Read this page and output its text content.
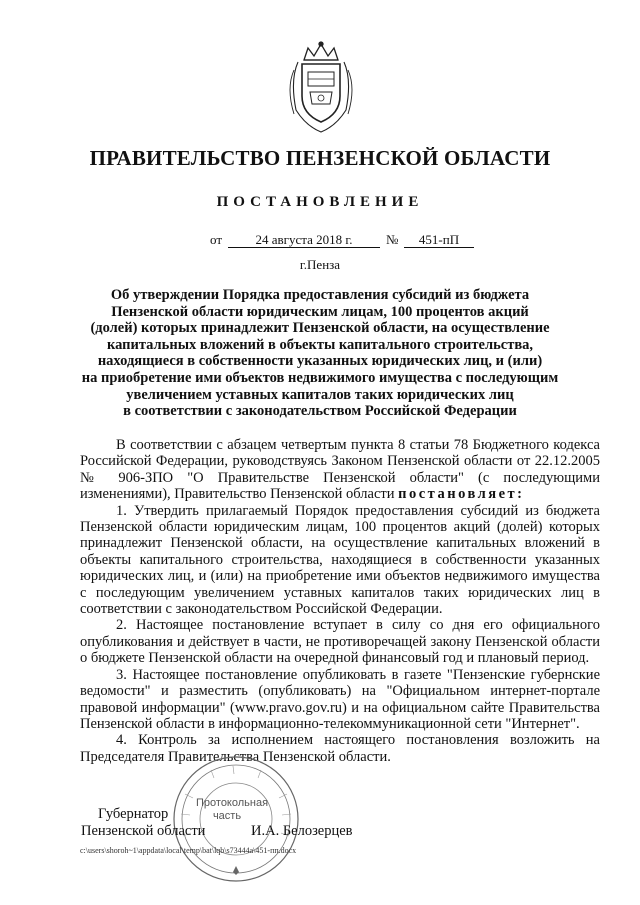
ПРАВИТЕЛЬСТВО ПЕНЗЕНСКОЙ ОБЛАСТИ
ПОСТАНОВЛЕНИЕ
от	24 августа 2018 г.	№	451-пП
г.Пенза
Об утверждении Порядка предоставления субсидий из бюджета
Пензенской области юридическим лицам, 100 процентов акций
(долей) которых принадлежит Пензенской области, на осуществление
капитальных вложений в объекты капитального строительства,
находящиеся в собственности указанных юридических лиц, и (или)
на приобретение ими объектов недвижимого имущества с последующим
увеличением уставных капиталов таких юридических лиц
в соответствии с законодательством Российской Федерации

В соответствии с абзацем четвертым пункта 8 статьи 78 Бюджетного кодекса Российской Федерации, руководствуясь Законом Пензенской области от 22.12.2005 № 906-ЗПО "О Правительстве Пензенской области" (с последующими изменениями), Правительство Пензенской области постановляет:

1. Утвердить прилагаемый Порядок предоставления субсидий из бюджета Пензенской области юридическим лицам, 100 процентов акций (долей) которых принадлежит Пензенской области, на осуществление капитальных вложений в объекты капитального строительства, находящиеся в собственности указанных юридических лиц, и (или) на приобретение ими объектов недвижимого имущества с последующим увеличением уставных капиталов таких юридических лиц в соответствии с законодательством Российской Федерации.

2. Настоящее постановление вступает в силу со дня его официального опубликования и действует в части, не противоречащей закону Пензенской области о бюджете Пензенской области на очередной финансовый год и плановый период.

3. Настоящее постановление опубликовать в газете "Пензенские губернские ведомости" и разместить (опубликовать) на "Официальном интернет-портале правовой информации" (www.pravo.gov.ru) и на официальном сайте Правительства Пензенской области в информационно-телекоммуникационной сети "Интернет".

4. Контроль за исполнением настоящего постановления возложить на Председателя Правительства Пензенской области.

Протокольная
часть
Губернатор
Пензенской области	И.А. Белозерцев
c:\users\shoroh~1\appdata\local\temp\bat\lqb\s73444a\451-пп.docx
